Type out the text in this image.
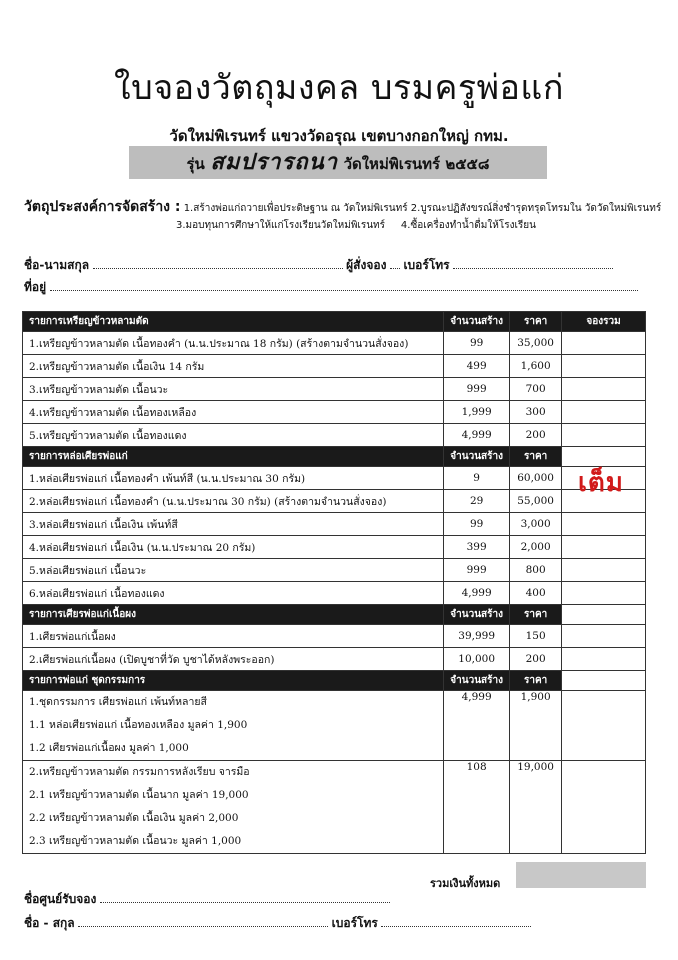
ใบจองวัตถุมงคล บรมครูพ่อแก่
วัดใหม่พิเรนทร์ แขวงวัดอรุณ เขตบางกอกใหญ่ กทม.
รุ่น สมปรารถนา วัดใหม่พิเรนทร์ ๒๕๕๘
วัตถุประสงค์การจัดสร้าง : 1.สร้างพ่อแก่ถวายเพื่อประดิษฐาน ณ วัดใหม่พิเรนทร์ 2.บูรณะปฏิสังขรณ์สิ่งชำรุดทรุดโทรมใน วัดวัดใหม่พิเรนทร์
3.มอบทุนการศึกษาให้แก่โรงเรียนวัดใหม่พิเรนทร์ 4.ซื้อเครื่องทำน้ำดื่มให้โรงเรียน
ชื่อ-นามสกุล	ผู้สั่งจอง เบอร์โทร
ที่อยู่
รายการเหรียญข้าวหลามตัด	จำนวนสร้าง	ราคา	จองรวม
1.เหรียญข้าวหลามตัด เนื้อทองคำ (น.น.ประมาณ 18 กรัม) (สร้างตามจำนวนสั่งจอง)	99	35,000	
2.เหรียญข้าวหลามตัด เนื้อเงิน 14 กรัม	499	1,600	
3.เหรียญข้าวหลามตัด เนื้อนวะ	999	700	
4.เหรียญข้าวหลามตัด เนื้อทองเหลือง	1,999	300	
5.เหรียญข้าวหลามตัด เนื้อทองแดง	4,999	200	
รายการหล่อเศียรพ่อแก่	จำนวนสร้าง	ราคา	
1.หล่อเศียรพ่อแก่ เนื้อทองคำ เพ้นท์สี (น.น.ประมาณ 30 กรัม)	9	60,000	
2.หล่อเศียรพ่อแก่ เนื้อทองคำ (น.น.ประมาณ 30 กรัม) (สร้างตามจำนวนสั่งจอง)	29	55,000	
3.หล่อเศียรพ่อแก่ เนื้อเงิน เพ้นท์สี	99	3,000	
4.หล่อเศียรพ่อแก่ เนื้อเงิน (น.น.ประมาณ 20 กรัม)	399	2,000	
5.หล่อเศียรพ่อแก่ เนื้อนวะ	999	800	
6.หล่อเศียรพ่อแก่ เนื้อทองแดง	4,999	400	
รายการเศียรพ่อแก่เนื้อผง	จำนวนสร้าง	ราคา	
1.เศียรพ่อแก่เนื้อผง	39,999	150	
2.เศียรพ่อแก่เนื้อผง (เปิดบูชาที่วัด บูชาได้หลังพระออก)	10,000	200	
รายการพ่อแก่ ชุดกรรมการ	จำนวนสร้าง	ราคา	

1.ชุดกรรมการ เศียรพ่อแก่ เพ้นท์หลายสี
1.1 หล่อเศียรพ่อแก่ เนื้อทองเหลือง มูลค่า 1,900
1.2 เศียรพ่อแก่เนื้อผง มูลค่า 1,000	4,999	1,900	

2.เหรียญข้าวหลามตัด กรรมการหลังเรียบ จารมือ
2.1 เหรียญข้าวหลามตัด เนื้อนาก มูลค่า 19,000
2.2 เหรียญข้าวหลามตัด เนื้อเงิน มูลค่า 2,000
2.3 เหรียญข้าวหลามตัด เนื้อนวะ มูลค่า 1,000	108	19,000	
เต็ม
รวมเงินทั้งหมด
ชื่อศูนย์รับจอง
ชื่อ - สกุล	เบอร์โทร
